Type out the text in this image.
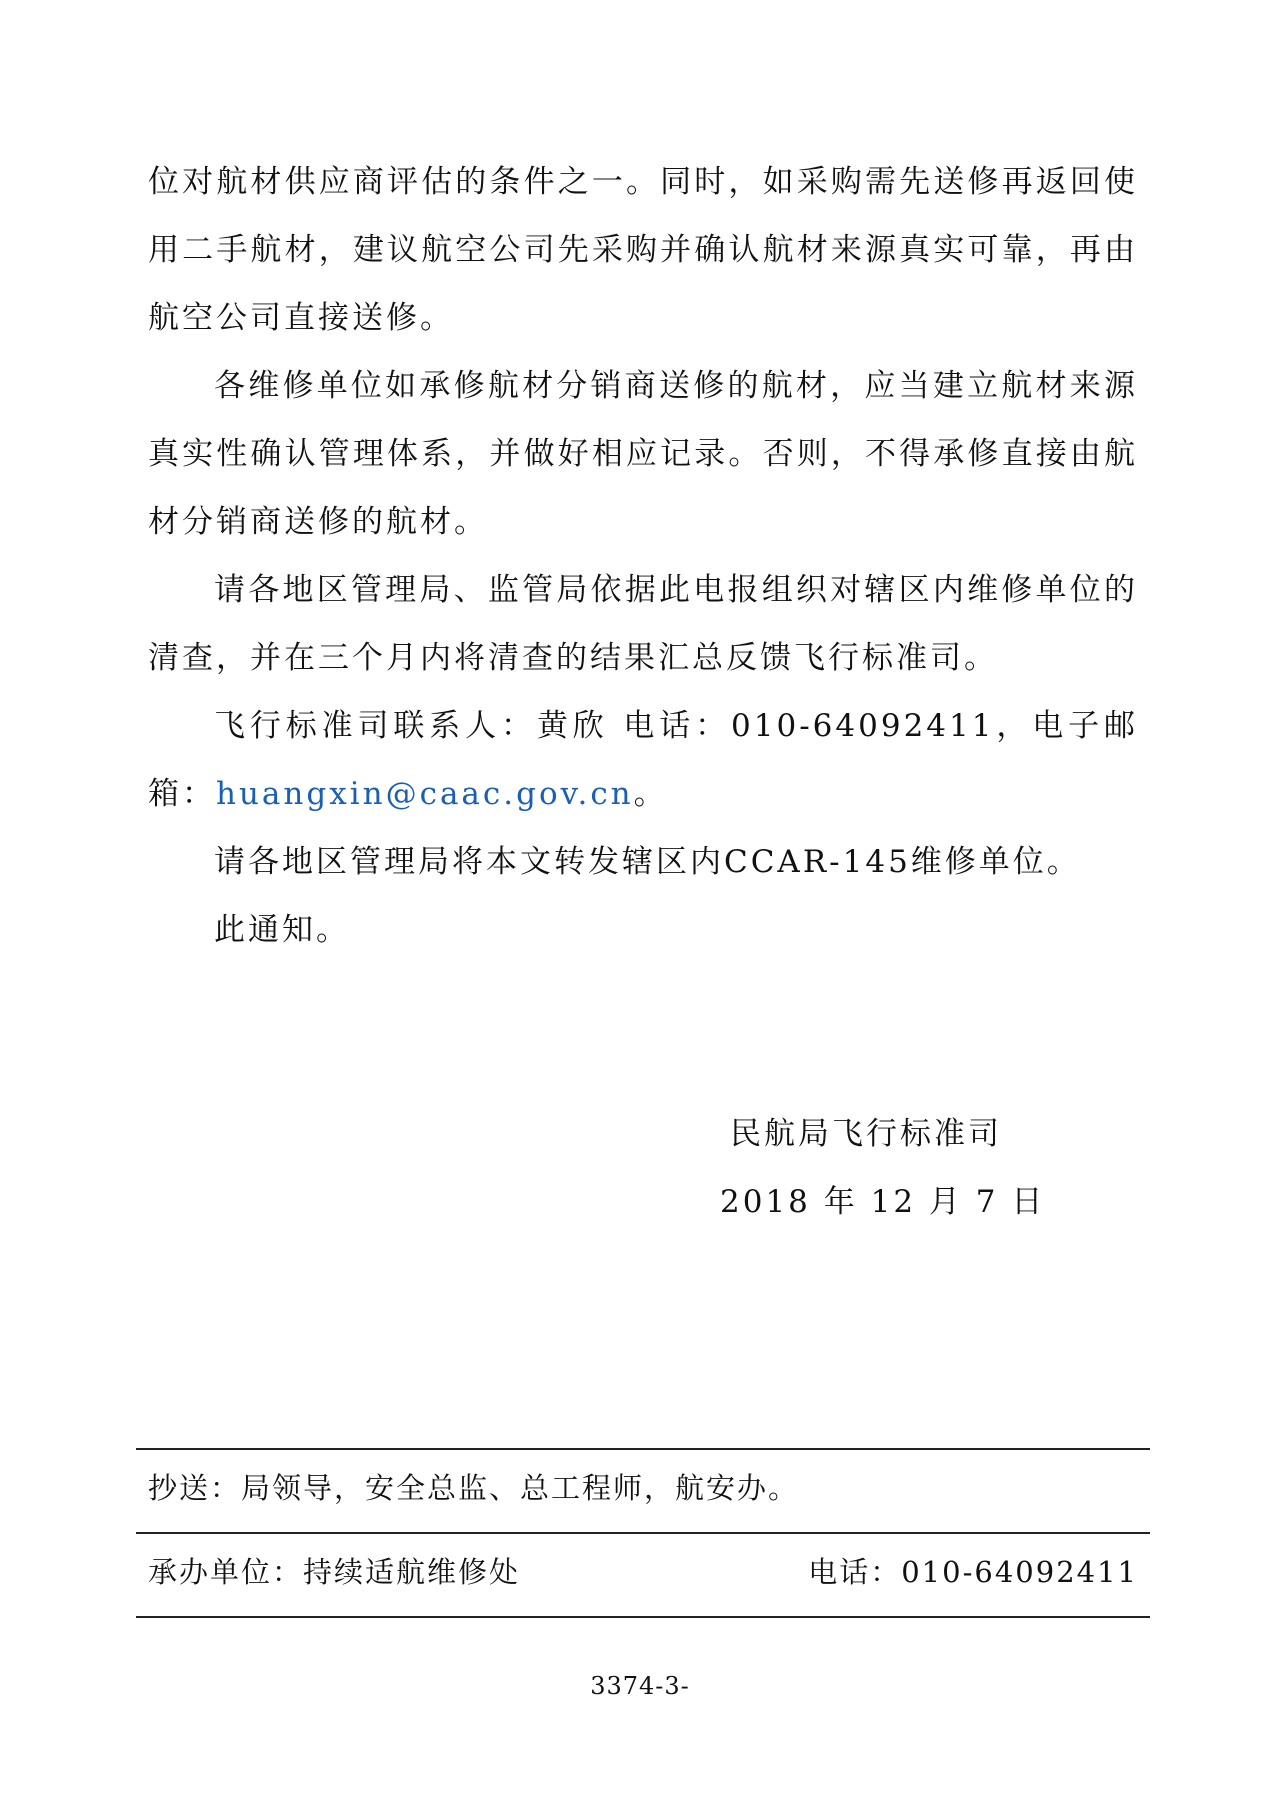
位对航材供应商评估的条件之一。同时，如采购需先送修再返回使用二手航材，建议航空公司先采购并确认航材来源真实可靠，再由航空公司直接送修。

各维修单位如承修航材分销商送修的航材，应当建立航材来源真实性确认管理体系，并做好相应记录。否则，不得承修直接由航材分销商送修的航材。

请各地区管理局、监管局依据此电报组织对辖区内维修单位的清查，并在三个月内将清查的结果汇总反馈飞行标准司。

飞行标准司联系人：黄欣 电话：010-64092411，电子邮箱：huangxin@caac.gov.cn。

请各地区管理局将本文转发辖区内CCAR-145维修单位。

此通知。

民航局飞行标准司
2018 年 12 月 7 日
抄送：局领导，安全总监、总工程师，航安办。
承办单位：持续适航维修处	电话：010-64092411
3374-3-
